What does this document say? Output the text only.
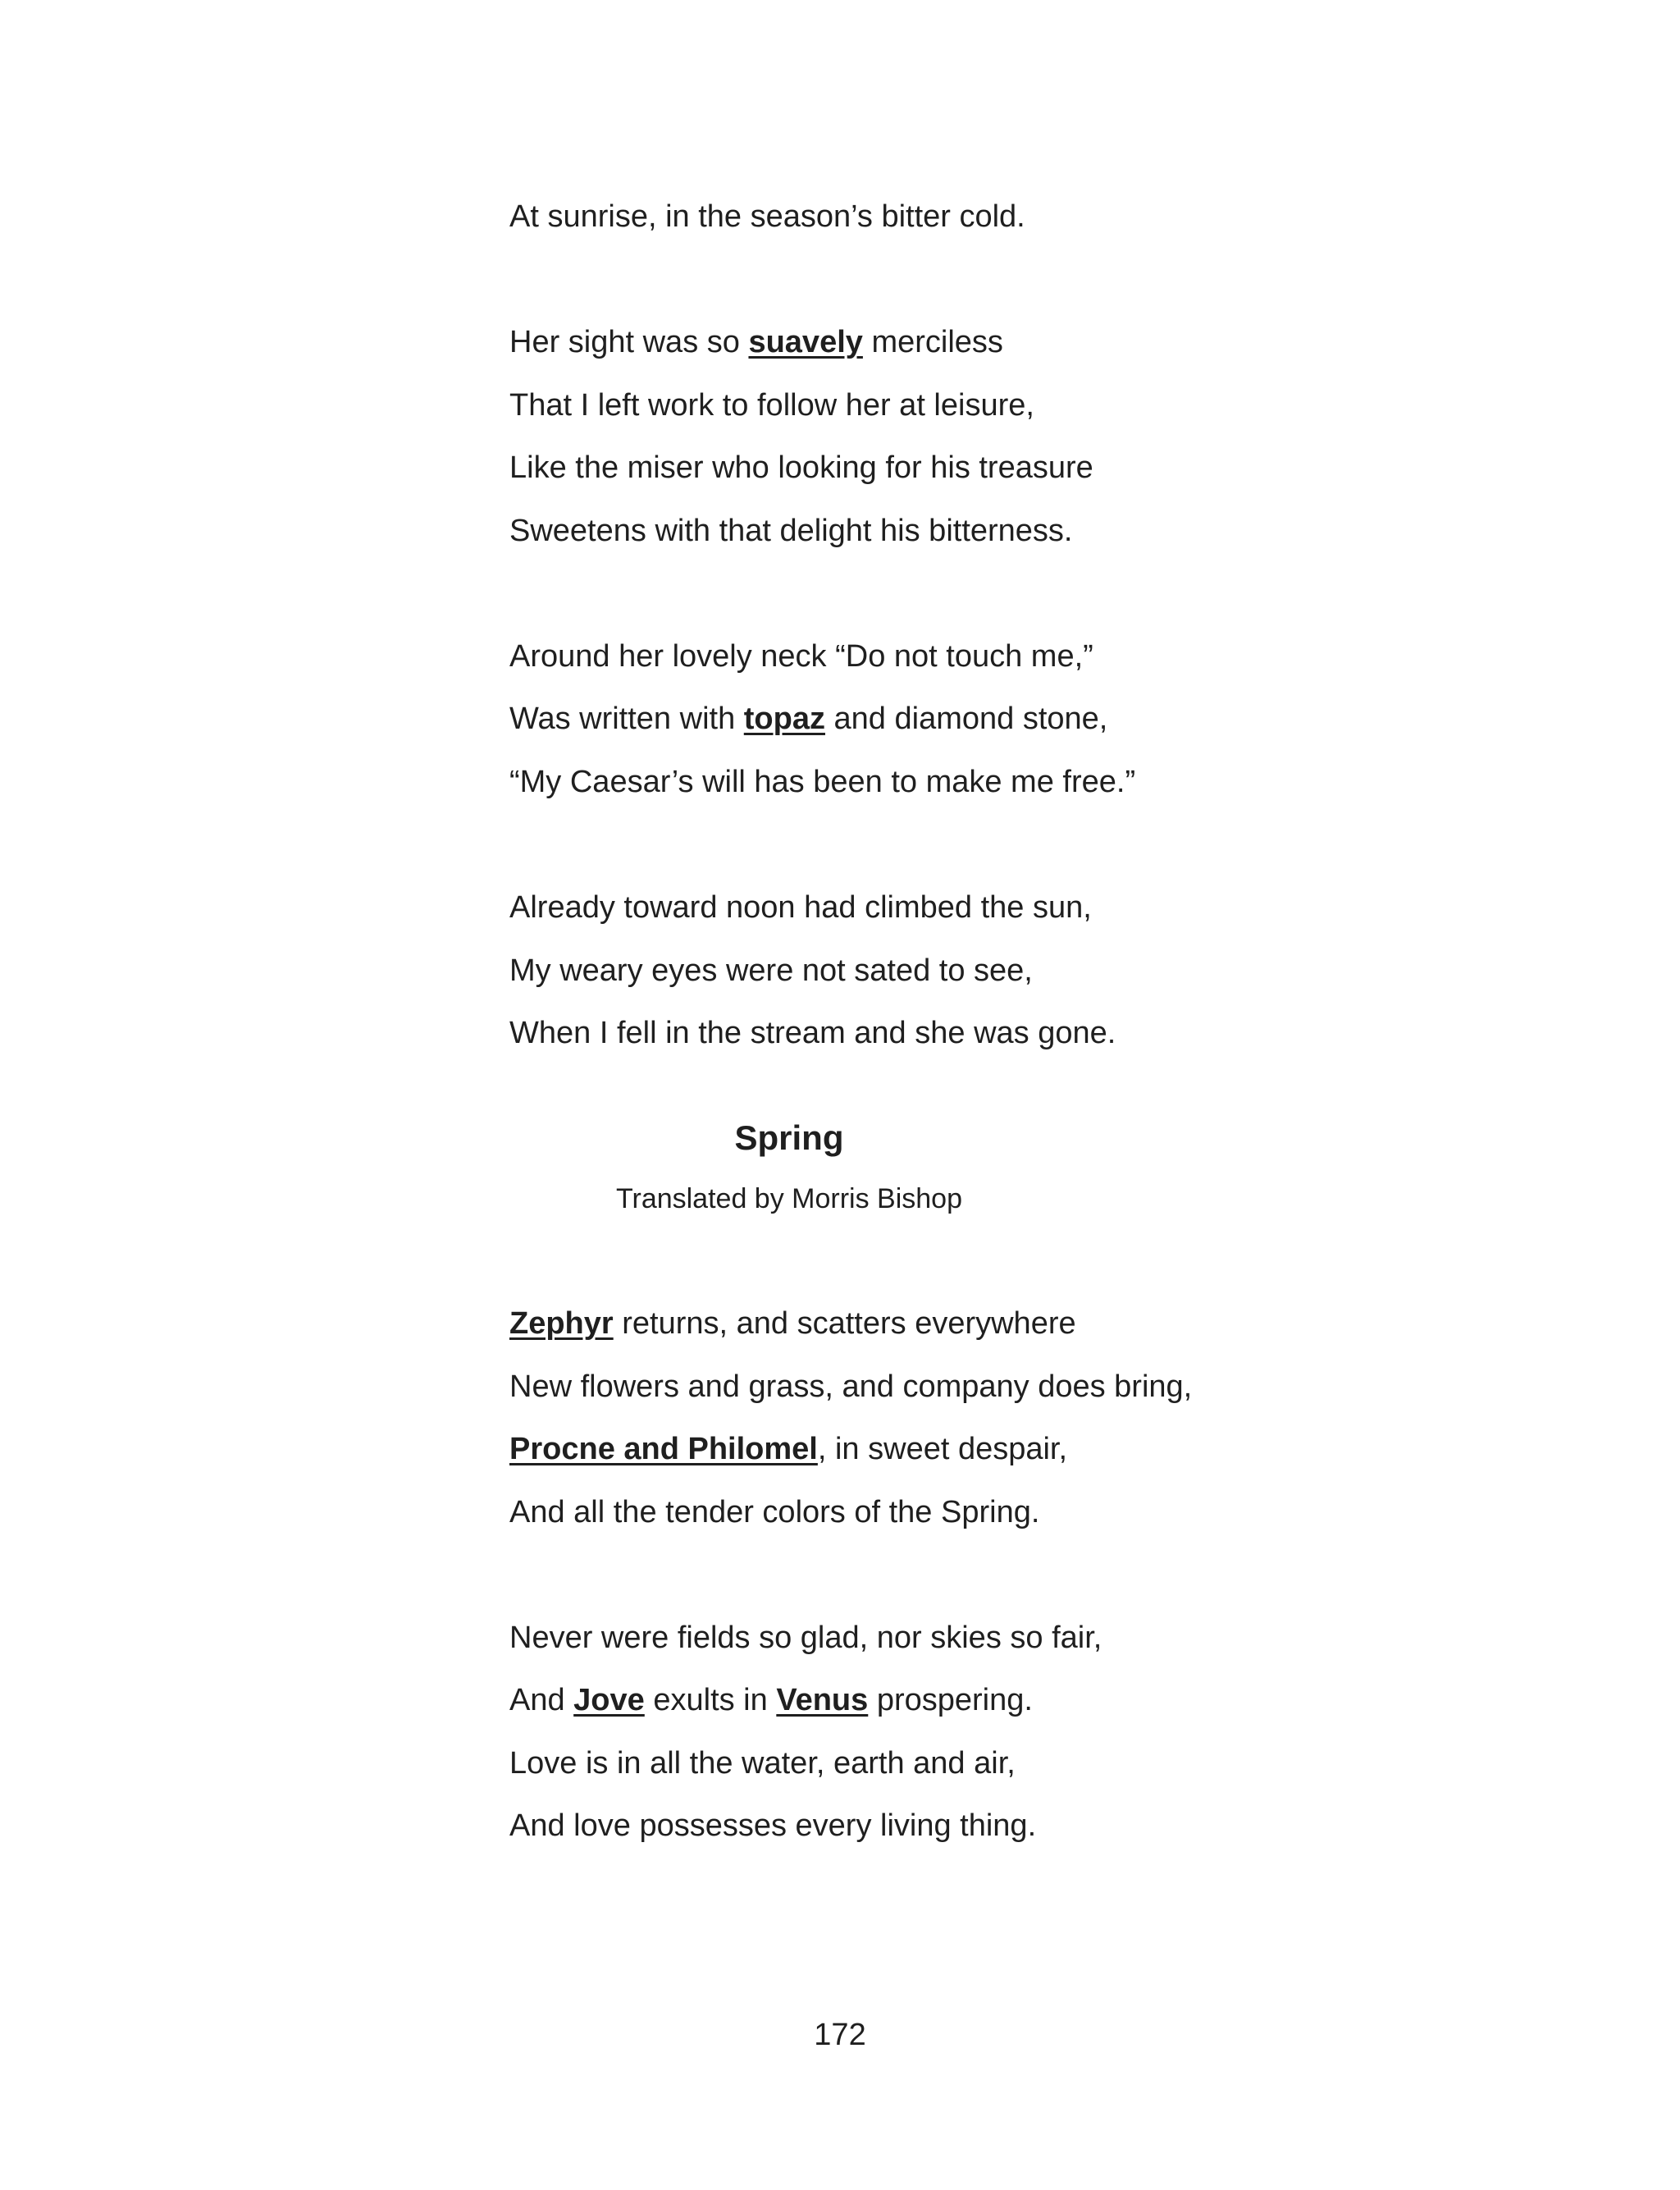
At sunrise, in the season’s bitter cold.
Her sight was so suavely merciless
That I left work to follow her at leisure,
Like the miser who looking for his treasure
Sweetens with that delight his bitterness.
Around her lovely neck “Do not touch me,”
Was written with topaz and diamond stone,
“My Caesar’s will has been to make me free.”
Already toward noon had climbed the sun,
My weary eyes were not sated to see,
When I fell in the stream and she was gone.
Spring
Translated by Morris Bishop
Zephyr returns, and scatters everywhere
New flowers and grass, and company does bring,
Procne and Philomel, in sweet despair,
And all the tender colors of the Spring.
Never were fields so glad, nor skies so fair,
And Jove exults in Venus prospering.
Love is in all the water, earth and air,
And love possesses every living thing.
172
